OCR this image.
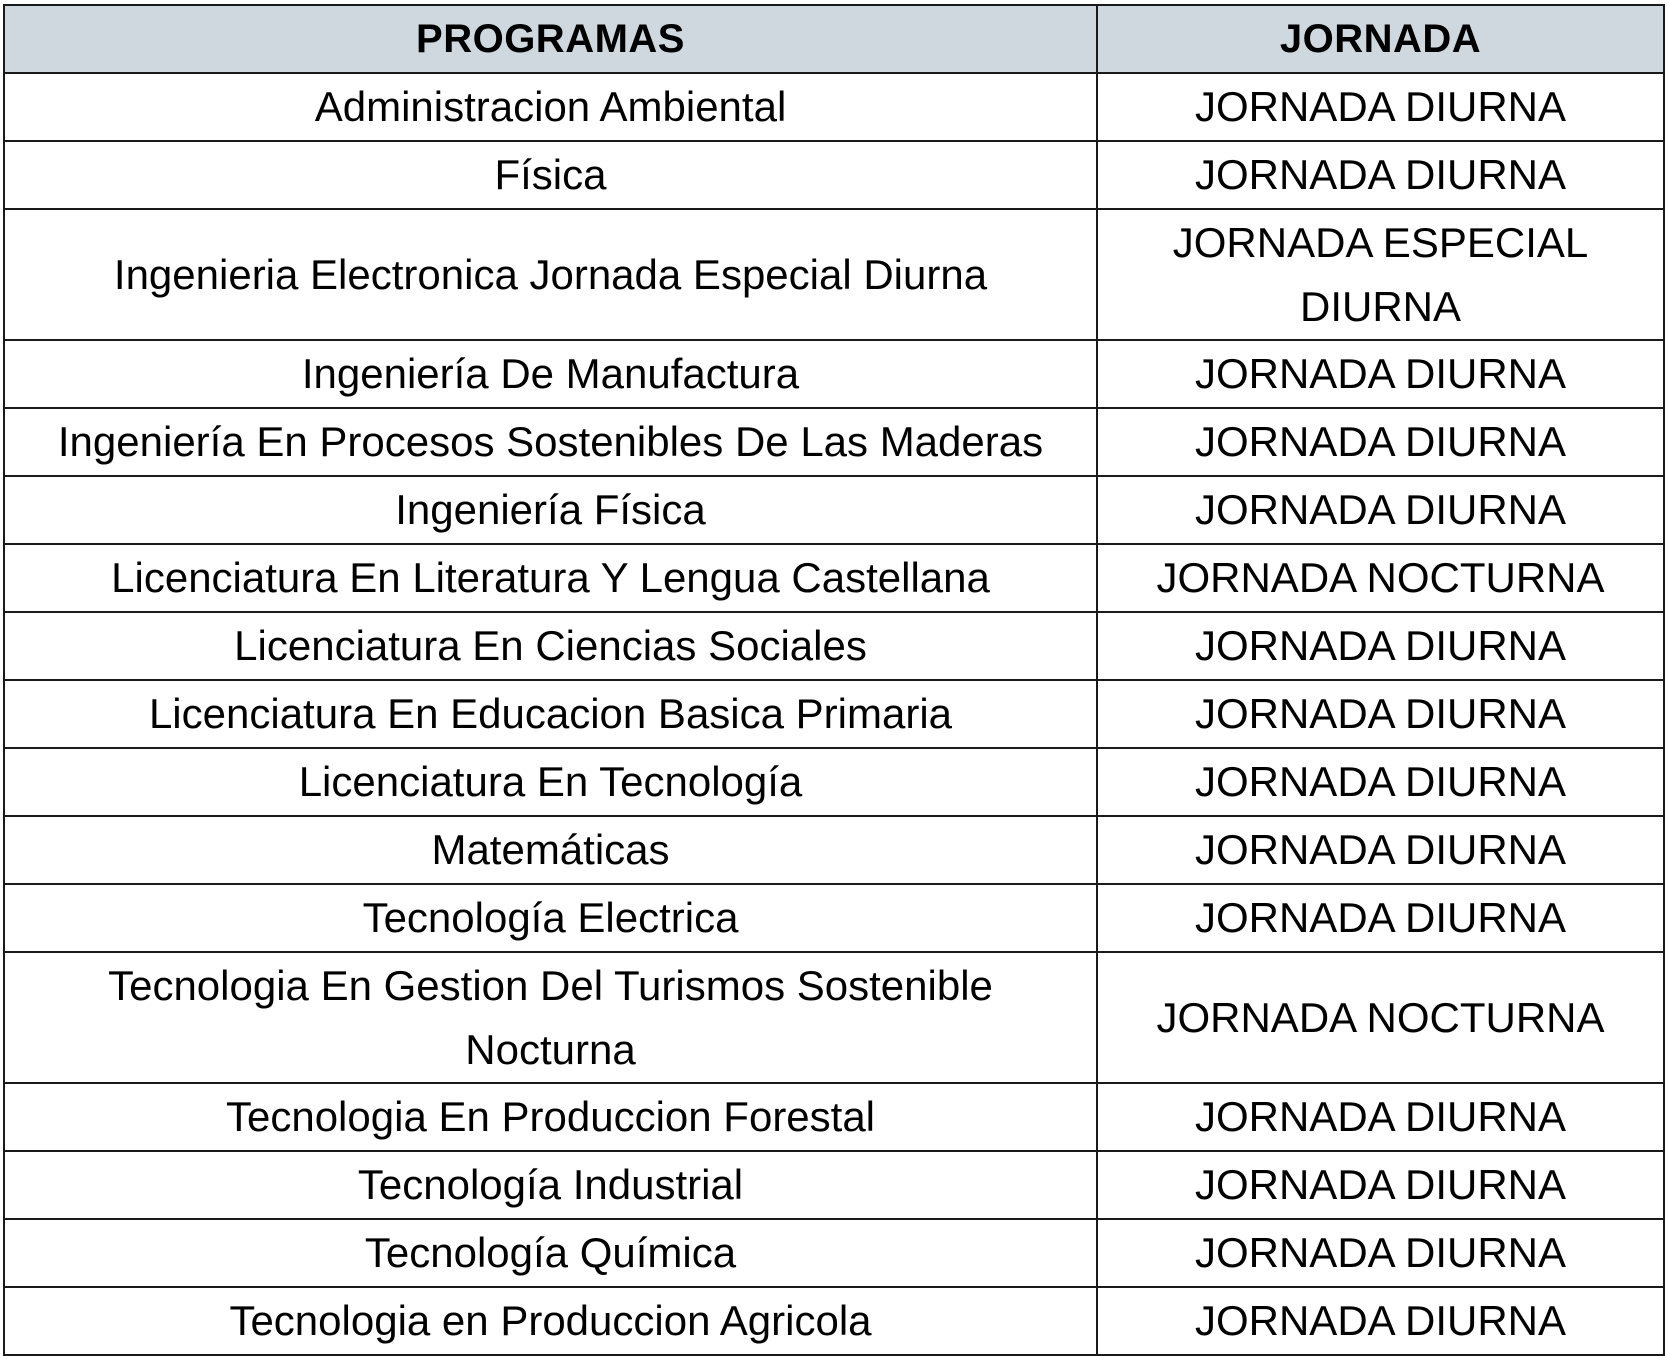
PROGRAMAS	JORNADA
Administracion Ambiental	JORNADA DIURNA
Física	JORNADA DIURNA
Ingenieria Electronica Jornada Especial Diurna	JORNADA ESPECIAL DIURNA
Ingeniería De Manufactura	JORNADA DIURNA
Ingeniería En Procesos Sostenibles De Las Maderas	JORNADA DIURNA
Ingeniería Física	JORNADA DIURNA
Licenciatura En Literatura Y Lengua Castellana	JORNADA NOCTURNA
Licenciatura En Ciencias Sociales	JORNADA DIURNA
Licenciatura En Educacion Basica Primaria	JORNADA DIURNA
Licenciatura En Tecnología	JORNADA DIURNA
Matemáticas	JORNADA DIURNA
Tecnología Electrica	JORNADA DIURNA
Tecnologia En Gestion Del Turismos Sostenible Nocturna	JORNADA NOCTURNA
Tecnologia En Produccion Forestal	JORNADA DIURNA
Tecnología Industrial	JORNADA DIURNA
Tecnología Química	JORNADA DIURNA
Tecnologia en Produccion Agricola	JORNADA DIURNA
